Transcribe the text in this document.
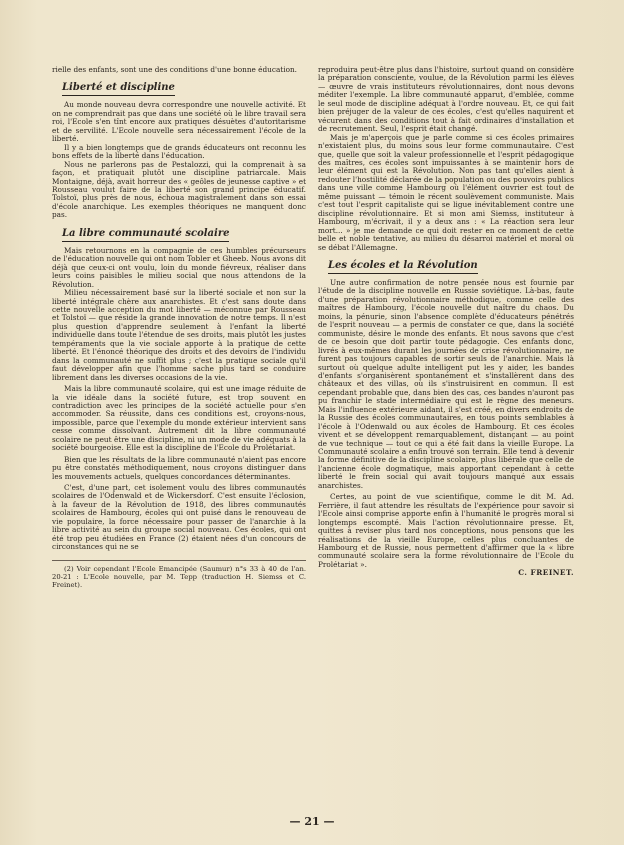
rielle des enfants, sont une des conditions d'une bonne éducation.

Liberté et discipline

Au monde nouveau devra correspondre une nouvelle activité. Et on ne comprendrait pas que dans une société où le libre travail sera roi, l'Ecole s'en tînt encore aux pratiques désuètes d'autoritarisme et de servilité. L'Ecole nouvelle sera nécessairement l'école de la liberté.

Il y a bien longtemps que de grands éducateurs ont reconnu les bons effets de la liberté dans l'éducation.

Nous ne parlerons pas de Pestalozzi, qui la comprenait à sa façon, et pratiquait plutôt une discipline patriarcale. Mais Montaigne, déjà, avait horreur des « geôles de jeunesse captive » et Rousseau voulut faire de la liberté son grand principe éducatif. Tolstoï, plus près de nous, échoua magistralement dans son essai d'école anarchique. Les exemples théoriques ne manquent donc pas.

La libre communauté scolaire

Mais retournons en la compagnie de ces humbles précurseurs de l'éducation nouvelle qui ont nom Tobler et Gheeb. Nous avons dit déjà que ceux-ci ont voulu, loin du monde fiévreux, réaliser dans leurs coins paisibles le milieu social que nous attendons de la Révolution.

Milieu nécessairement basé sur la liberté sociale et non sur la liberté intégrale chère aux anarchistes. Et c'est sans doute dans cette nouvelle acception du mot liberté — méconnue par Rousseau et Tolstoï — que réside la grande innovation de notre temps. Il n'est plus question d'apprendre seulement à l'enfant la liberté individuelle dans toute l'étendue de ses droits, mais plutôt les justes tempéraments que la vie sociale apporte à la pratique de cette liberté. Et l'énoncé théorique des droits et des devoirs de l'individu dans la communauté ne suffit plus ; c'est la pratique sociale qu'il faut développer afin que l'homme sache plus tard se conduire librement dans les diverses occasions de la vie.

Mais la libre communauté scolaire, qui est une image réduite de la vie idéale dans la société future, est trop souvent en contradiction avec les principes de la société actuelle pour s'en accommoder. Sa réussite, dans ces conditions est, croyons-nous, impossible, parce que l'exemple du monde extérieur intervient sans cesse comme dissolvant. Autrement dit la libre communauté scolaire ne peut être une discipline, ni un mode de vie adéquats à la société bourgeoise. Elle est la discipline de l'Ecole du Prolétariat.

Bien que les résultats de la libre communauté n'aient pas encore pu être constatés méthodiquement, nous croyons distinguer dans les mouvements actuels, quelques concordances déterminantes.

C'est, d'une part, cet isolement voulu des libres communautés scolaires de l'Odenwald et de Wickersdorf. C'est ensuite l'éclosion, à la faveur de la Révolution de 1918, des libres communautés scolaires de Hambourg, écoles qui ont puisé dans le renouveau de vie populaire, la force nécessaire pour passer de l'anarchie à la libre activité au sein du groupe social nouveau. Ces écoles, qui ont été trop peu étudiées en France (2) étaient nées d'un concours de circonstances qui ne se

(2) Voir cependant l'Ecole Emancipée (Saumur) n°s 33 à 40 de l'an. 20-21 : L'Ecole nouvelle, par M. Tepp (traduction H. Siemss et C. Freinet).

reproduira peut-être plus dans l'histoire, surtout quand on considère la préparation consciente, voulue, de la Révolution parmi les élèves — œuvre de vrais instituteurs révolutionnaires, dont nous devons méditer l'exemple. La libre communauté apparut, d'emblée, comme le seul mode de discipline adéquat à l'ordre nouveau. Et, ce qui fait bien préjuger de la valeur de ces écoles, c'est qu'elles naquirent et vécurent dans des conditions tout à fait ordinaires d'installation et de recrutement. Seul, l'esprit était changé.

Mais je m'aperçois que je parle comme si ces écoles primaires n'existaient plus, du moins sous leur forme communautaire. C'est que, quelle que soit la valeur professionnelle et l'esprit pédagogique des maîtres, ces écoles sont impuissantes à se maintenir hors de leur élément qui est la Révolution. Non pas tant qu'elles aient à redouter l'hostilité déclarée de la population ou des pouvoirs publics dans une ville comme Hambourg où l'élément ouvrier est tout de même puissant — témoin le récent soulèvement communiste. Mais c'est tout l'esprit capitaliste qui se ligue inévitablement contre une discipline révolutionnaire. Et si mon ami Siemss, instituteur à Hambourg, m'écrivait, il y a deux ans : « La réaction sera leur mort... » je me demande ce qui doit rester en ce moment de cette belle et noble tentative, au milieu du désarroi matériel et moral où se débat l'Allemagne.

Les écoles et la Révolution

Une autre confirmation de notre pensée nous est fournie par l'étude de la discipline nouvelle en Russie soviétique. Là-bas, faute d'une préparation révolutionnaire méthodique, comme celle des maîtres de Hambourg, l'école nouvelle dut naître du chaos. Du moins, la pénurie, sinon l'absence complète d'éducateurs pénétrés de l'esprit nouveau — a permis de constater ce que, dans la société communiste, désire le monde des enfants. Et nous savons que c'est de ce besoin que doit partir toute pédagogie. Ces enfants donc, livrés à eux-mêmes durant les journées de crise révolutionnaire, ne furent pas toujours capables de sortir seuls de l'anarchie. Mais là surtout où quelque adulte intelligent put les y aider, les bandes d'enfants s'organisèrent spontanément et s'installèrent dans des châteaux et des villas, où ils s'instruisirent en commun. Il est cependant probable que, dans bien des cas, ces bandes n'auront pas pu franchir le stade intermédiaire qui est le règne des meneurs. Mais l'influence extérieure aidant, il s'est créé, en divers endroits de la Russie des écoles communautaires, en tous points semblables à l'école à l'Odenwald ou aux écoles de Hambourg. Et ces écoles vivent et se développent remarquablement, distançant — au point de vue technique — tout ce qui a été fait dans la vieille Europe. La Communauté scolaire a enfin trouvé son terrain. Elle tend à devenir la forme définitive de la discipline scolaire, plus libérale que celle de l'ancienne école dogmatique, mais apportant cependant à cette liberté le frein social qui avait toujours manqué aux essais anarchistes.

Certes, au point de vue scientifique, comme le dit M. Ad. Ferrière, il faut attendre les résultats de l'expérience pour savoir si l'Ecole ainsi comprise apporte enfin à l'humanité le progrès moral si longtemps escompté. Mais l'action révolutionnaire presse. Et, quittes à reviser plus tard nos conceptions, nous pensons que les réalisations de la vieille Europe, celles plus concluantes de Hambourg et de Russie, nous permettent d'affirmer que la « libre communauté scolaire sera la forme révolutionnaire de l'Ecole du Prolétariat ».

C. FREINET.

— 21 —
